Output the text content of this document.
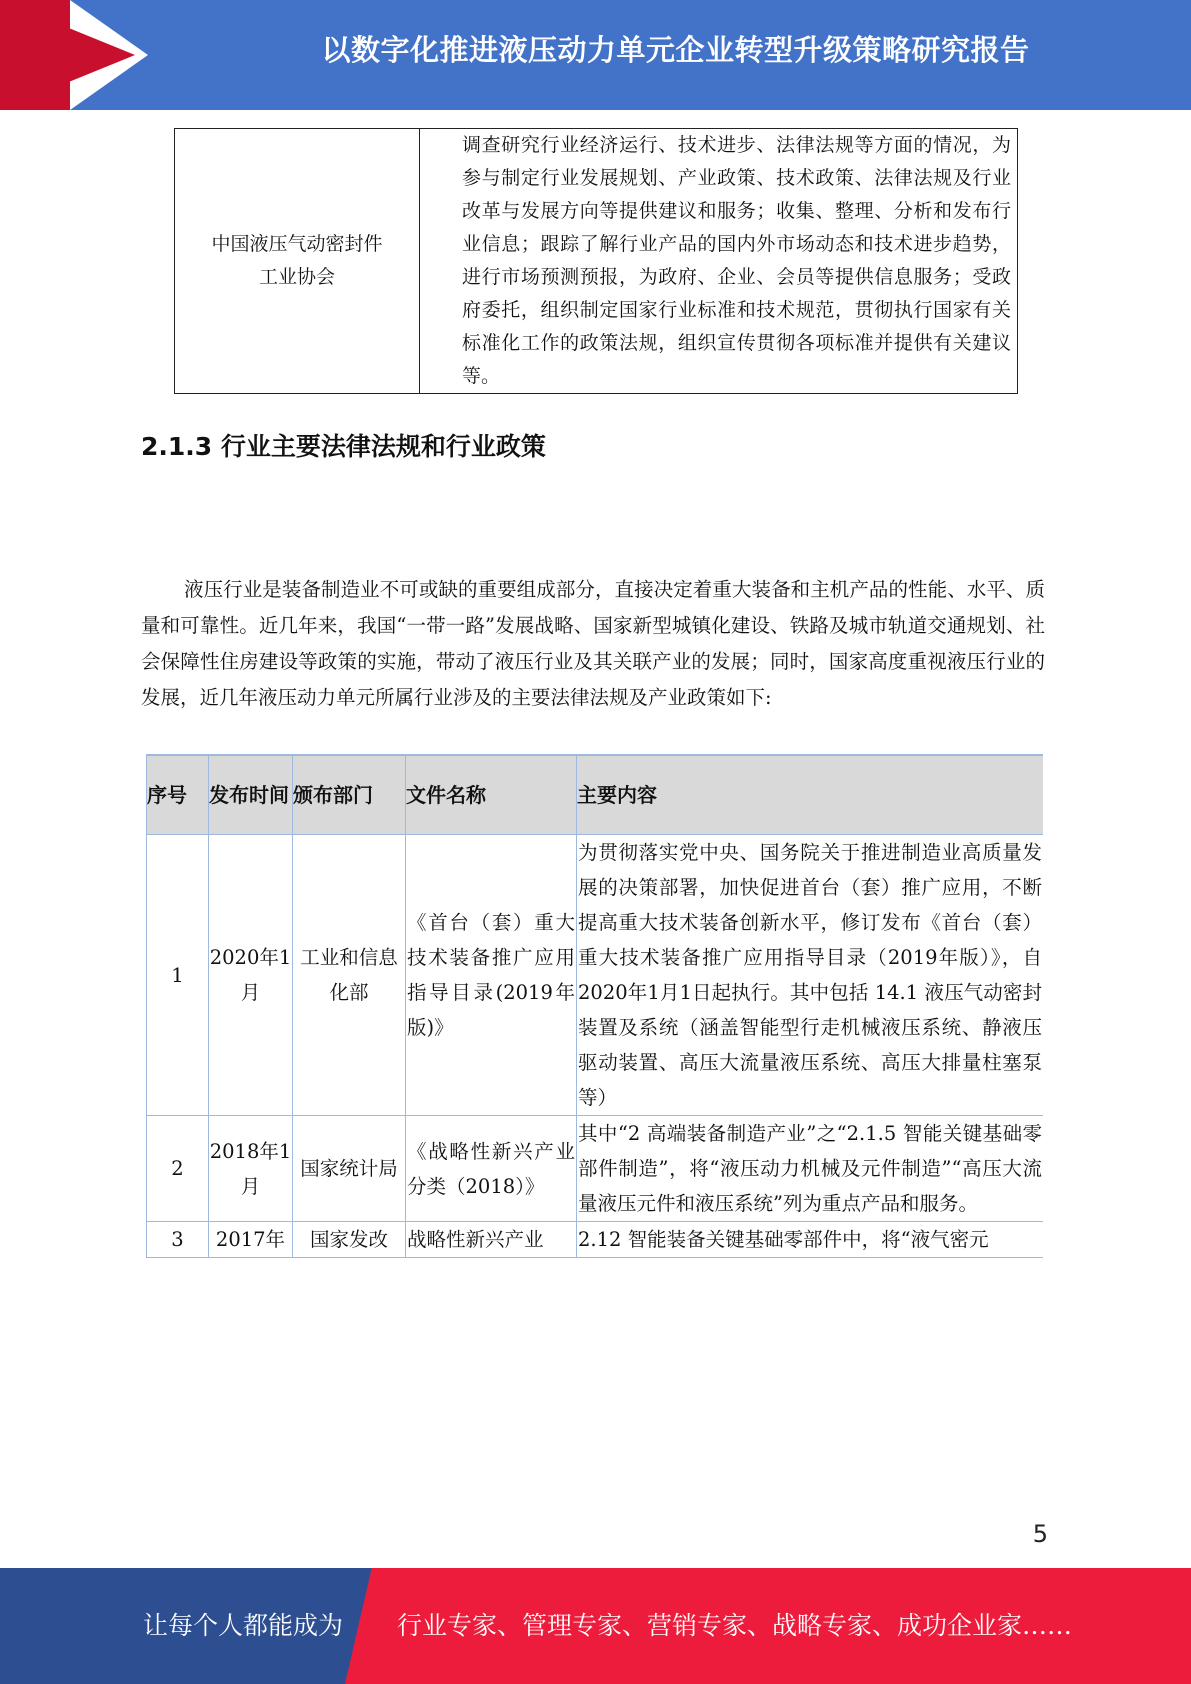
以数字化推进液压动力单元企业转型升级策略研究报告
中国液压气动密封件
工业协会
	调查研究行业经济运行、技术进步、法律法规等方面的情况，为参与制定行业发展规划、产业政策、技术政策、法律法规及行业改革与发展方向等提供建议和服务；收集、整理、分析和发布行业信息；跟踪了解行业产品的国内外市场动态和技术进步趋势，进行市场预测预报，为政府、企业、会员等提供信息服务；受政府委托，组织制定国家行业标准和技术规范，贯彻执行国家有关标准化工作的政策法规，组织宣传贯彻各项标准并提供有关建议等。
2.1.3 行业主要法律法规和行业政策
液压行业是装备制造业不可或缺的重要组成部分，直接决定着重大装备和主机产品的性能、水平、质量和可靠性。近几年来，我国“一带一路”发展战略、国家新型城镇化建设、铁路及城市轨道交通规划、社会保障性住房建设等政策的实施，带动了液压行业及其关联产业的发展；同时，国家高度重视液压行业的发展，近几年液压动力单元所属行业涉及的主要法律法规及产业政策如下:
序号	发布时间	颁布部门	文件名称	主要内容
1	2020年1月	工业和信息化部	《首台（套）重大技术装备推广应用指导目录(2019年版)》	为贯彻落实党中央、国务院关于推进制造业高质量发展的决策部署，加快促进首台（套）推广应用，不断提高重大技术装备创新水平，修订发布《首台（套）重大技术装备推广应用指导目录（2019年版）》，自2020年1月1日起执行。其中包括 14.1 液压气动密封装置及系统（涵盖智能型行走机械液压系统、静液压驱动装置、高压大流量液压系统、高压大排量柱塞泵等）
2	2018年1月	国家统计局	《战略性新兴产业分类（2018）》	其中“2 高端装备制造产业”之“2.1.5 智能关键基础零部件制造”，将“液压动力机械及元件制造”“高压大流量液压元件和液压系统”列为重点产品和服务。
3	2017年	国家发改	战略性新兴产业	2.12 智能装备关键基础零部件中，将“液气密元
5
让每个人都能成为 行业专家、管理专家、营销专家、战略专家、成功企业家……
